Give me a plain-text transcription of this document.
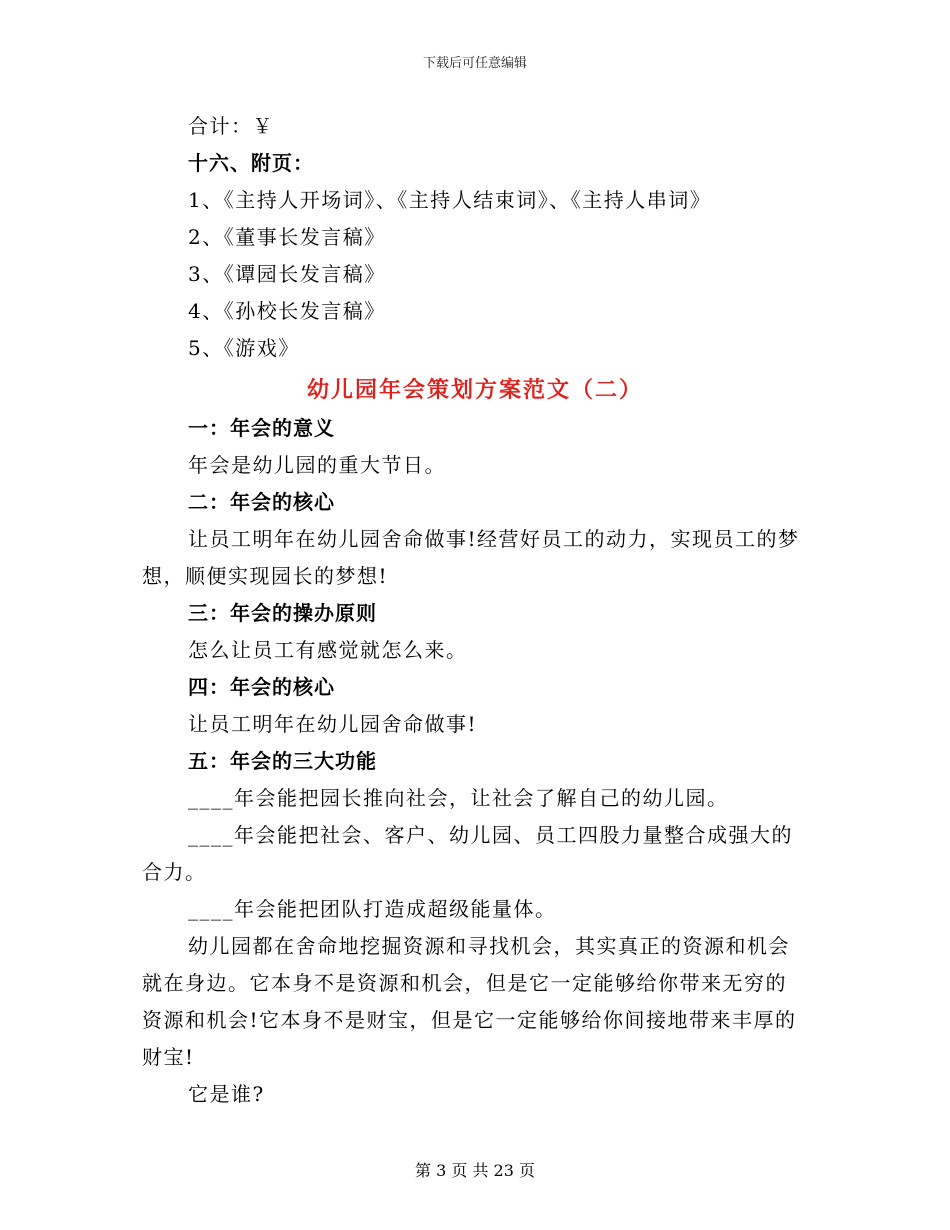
下载后可任意编辑
合计：￥
十六、附页：
1、《主持人开场词》、《主持人结束词》、《主持人串词》
2、《董事长发言稿》
3、《谭园长发言稿》
4、《孙校长发言稿》
5、《游戏》
幼儿园年会策划方案范文（二）
一：年会的意义
年会是幼儿园的重大节日。
二：年会的核心
让员工明年在幼儿园舍命做事!经营好员工的动力，实现员工的梦
想，顺便实现园长的梦想!
三：年会的操办原则
怎么让员工有感觉就怎么来。
四：年会的核心
让员工明年在幼儿园舍命做事!
五：年会的三大功能
____年会能把园长推向社会，让社会了解自己的幼儿园。
____年会能把社会、客户、幼儿园、员工四股力量整合成强大的
合力。
____年会能把团队打造成超级能量体。
幼儿园都在舍命地挖掘资源和寻找机会，其实真正的资源和机会
就在身边。它本身不是资源和机会，但是它一定能够给你带来无穷的
资源和机会!它本身不是财宝，但是它一定能够给你间接地带来丰厚的
财宝!
它是谁?
第 3 页 共 23 页
